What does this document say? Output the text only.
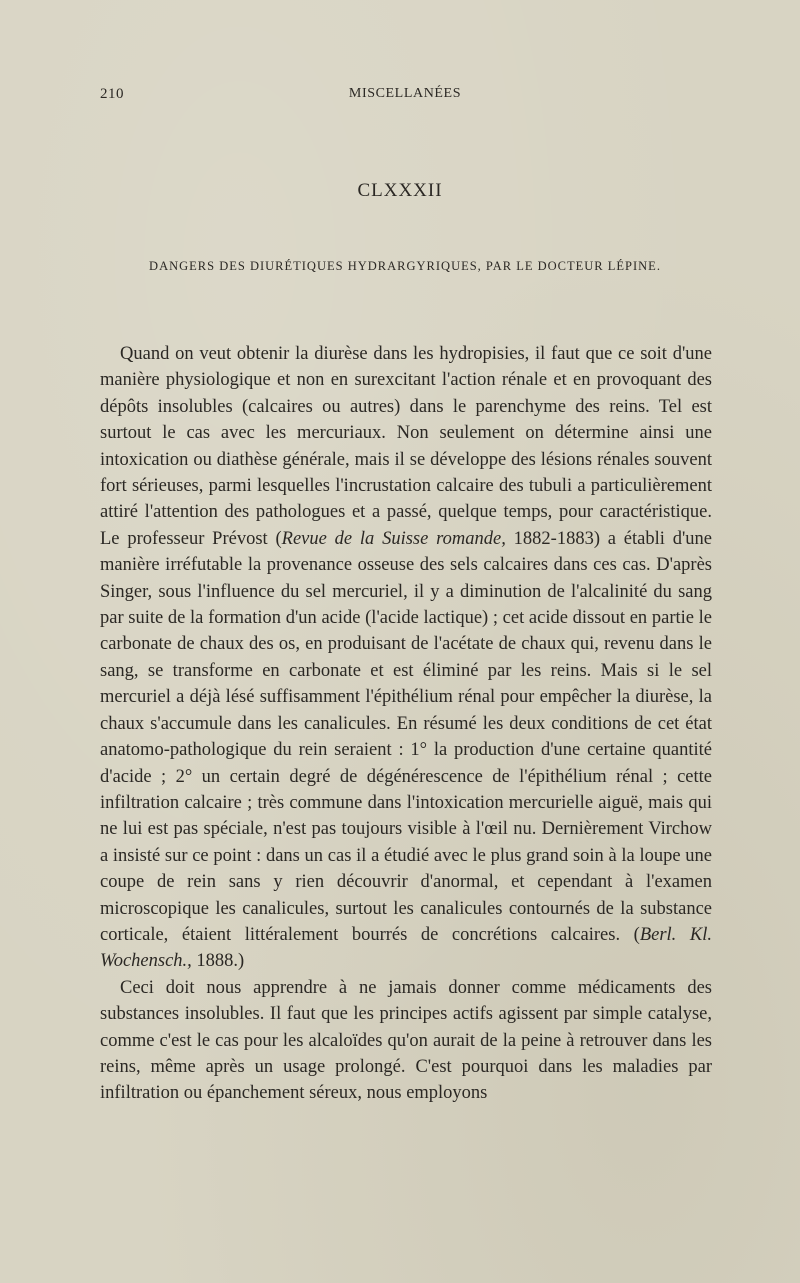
210	MISCELLANÉES
CLXXXII
DANGERS DES DIURÉTIQUES HYDRARGYRIQUES, PAR LE DOCTEUR LÉPINE.

Quand on veut obtenir la diurèse dans les hydropisies, il faut que ce soit d'une manière physiologique et non en surexcitant l'action rénale et en provoquant des dépôts insolubles (calcaires ou autres) dans le parenchyme des reins. Tel est surtout le cas avec les mercuriaux. Non seulement on détermine ainsi une intoxication ou diathèse générale, mais il se développe des lésions rénales souvent fort sérieuses, parmi lesquelles l'incrustation calcaire des tubuli a particulièrement attiré l'attention des pathologues et a passé, quelque temps, pour caractéristique. Le professeur Prévost (Revue de la Suisse romande, 1882-1883) a établi d'une manière irréfutable la provenance osseuse des sels calcaires dans ces cas. D'après Singer, sous l'influence du sel mercuriel, il y a diminution de l'alcalinité du sang par suite de la formation d'un acide (l'acide lactique) ; cet acide dissout en partie le carbonate de chaux des os, en produisant de l'acétate de chaux qui, revenu dans le sang, se transforme en carbonate et est éliminé par les reins. Mais si le sel mercuriel a déjà lésé suffisamment l'épithélium rénal pour empêcher la diurèse, la chaux s'accumule dans les canalicules. En résumé les deux conditions de cet état anatomo-pathologique du rein seraient : 1° la production d'une certaine quantité d'acide ; 2° un certain degré de dégénérescence de l'épithélium rénal ; cette infiltration calcaire ; très commune dans l'intoxication mercurielle aiguë, mais qui ne lui est pas spéciale, n'est pas toujours visible à l'œil nu. Dernièrement Virchow a insisté sur ce point : dans un cas il a étudié avec le plus grand soin à la loupe une coupe de rein sans y rien découvrir d'anormal, et cependant à l'examen microscopique les canalicules, surtout les canalicules contournés de la substance corticale, étaient littéralement bourrés de concrétions calcaires. (Berl. Kl. Wochensch., 1888.)

Ceci doit nous apprendre à ne jamais donner comme médicaments des substances insolubles. Il faut que les principes actifs agissent par simple catalyse, comme c'est le cas pour les alcaloïdes qu'on aurait de la peine à retrouver dans les reins, même après un usage prolongé. C'est pourquoi dans les maladies par infiltration ou épanchement séreux, nous employons
